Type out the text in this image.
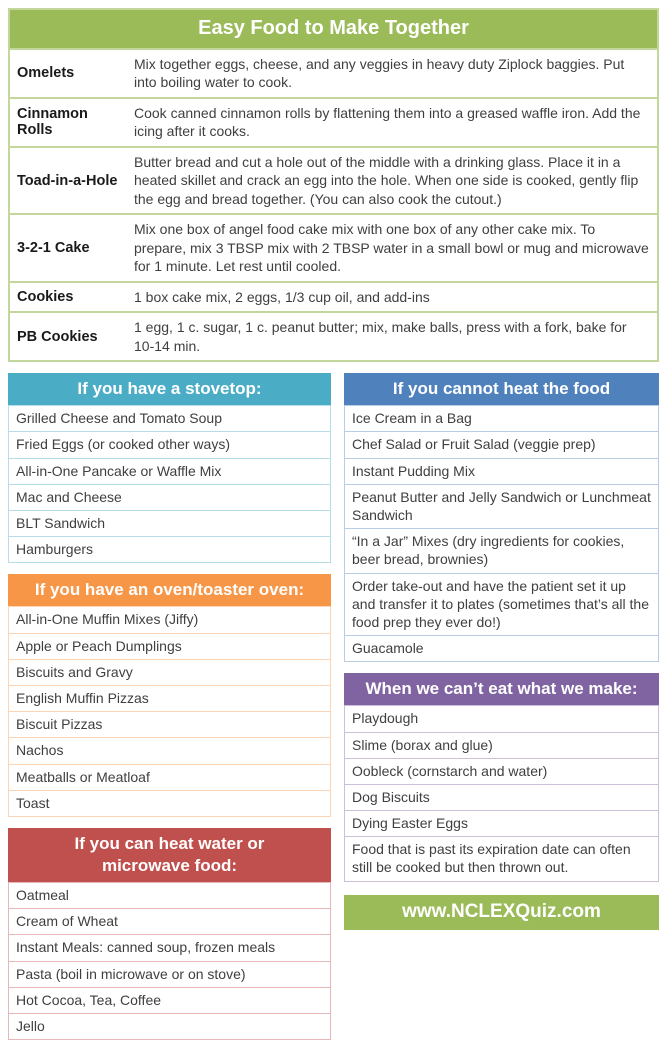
Easy Food to Make Together
Omelets
Mix together eggs, cheese, and any veggies in heavy duty Ziplock baggies. Put into boiling water to cook.
Cinnamon Rolls
Cook canned cinnamon rolls by flattening them into a greased waffle iron. Add the icing after it cooks.
Toad-in-a-Hole
Butter bread and cut a hole out of the middle with a drinking glass. Place it in a heated skillet and crack an egg into the hole. When one side is cooked, gently flip the egg and bread together. (You can also cook the cutout.)
3-2-1 Cake
Mix one box of angel food cake mix with one box of any other cake mix. To prepare, mix 3 TBSP mix with 2 TBSP water in a small bowl or mug and microwave for 1 minute. Let rest until cooled.
Cookies	1 box cake mix, 2 eggs, 1/3 cup oil, and add-ins
PB Cookies
1 egg, 1 c. sugar, 1 c. peanut butter; mix, make balls, press with a fork, bake for 10-14 min.
If you have a stovetop:
Grilled Cheese and Tomato Soup
Fried Eggs (or cooked other ways)
All-in-One Pancake or Waffle Mix
Mac and Cheese
BLT Sandwich
Hamburgers
If you have an oven/toaster oven:
All-in-One Muffin Mixes (Jiffy)
Apple or Peach Dumplings
Biscuits and Gravy
English Muffin Pizzas
Biscuit Pizzas
Nachos
Meatballs or Meatloaf
Toast
If you can heat water or microwave food:
Oatmeal
Cream of Wheat
Instant Meals: canned soup, frozen meals
Pasta (boil in microwave or on stove)
Hot Cocoa, Tea, Coffee
Jello
If you cannot heat the food
Ice Cream in a Bag
Chef Salad or Fruit Salad (veggie prep)
Instant Pudding Mix
Peanut Butter and Jelly Sandwich or Lunchmeat Sandwich
“In a Jar” Mixes (dry ingredients for cookies, beer bread, brownies)
Order take-out and have the patient set it up and transfer it to plates (sometimes that’s all the food prep they ever do!)
Guacamole
When we can’t eat what we make:
Playdough
Slime (borax and glue)
Oobleck (cornstarch and water)
Dog Biscuits
Dying Easter Eggs
Food that is past its expiration date can often still be cooked but then thrown out.
www.NCLEXQuiz.com
